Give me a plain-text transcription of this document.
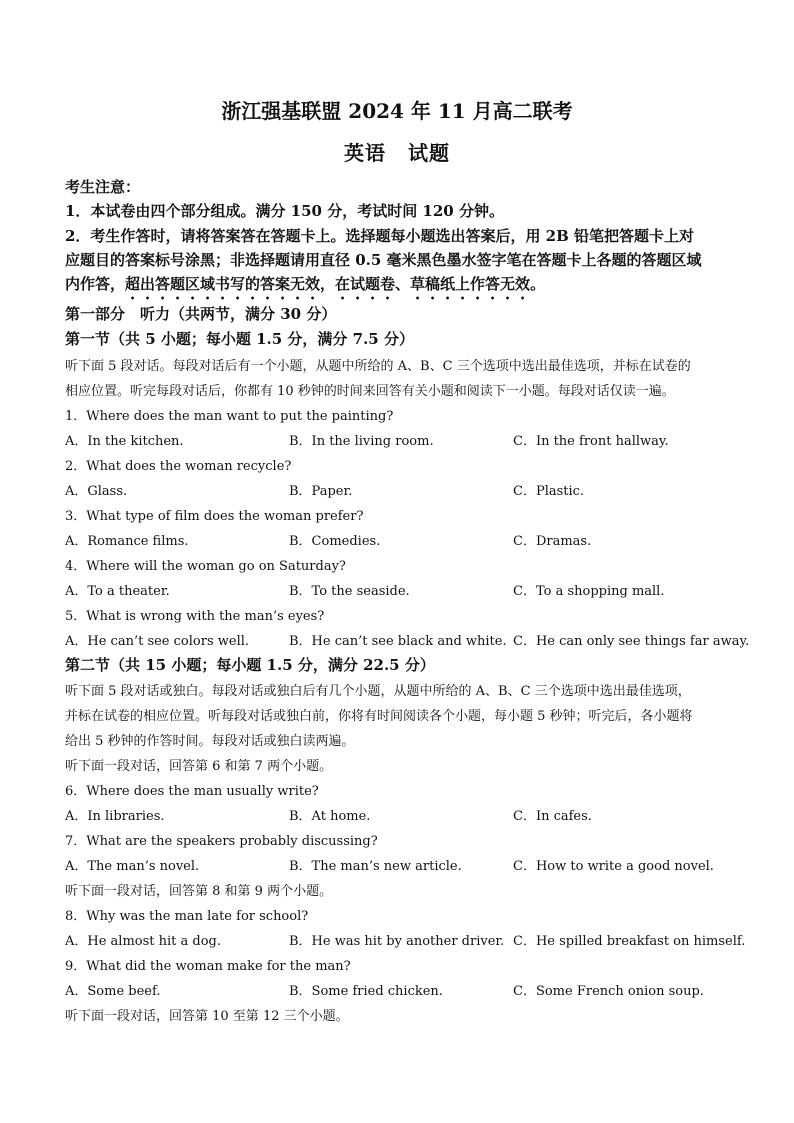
浙江强基联盟 2024 年 11 月高二联考
英语 试题
考生注意：
1．本试卷由四个部分组成。满分 150 分，考试时间 120 分钟。
2．考生作答时，请将答案答在答题卡上。选择题每小题选出答案后，用 2B 铅笔把答题卡上对
应题目的答案标号涂黑；非选择题请用直径 0.5 毫米黑色墨水签字笔在答题卡上各题的答题区域
内作答，超出答题区域书写的答案无效，在试题卷、草稿纸上作答无效。
第一部分　听力（共两节，满分 30 分）
第一节（共 5 小题；每小题 1.5 分，满分 7.5 分）
听下面 5 段对话。每段对话后有一个小题，从题中所给的 A、B、C 三个选项中选出最佳选项，并标在试卷的
相应位置。听完每段对话后，你都有 10 秒钟的时间来回答有关小题和阅读下一小题。每段对话仅读一遍。
1．Where does the man want to put the painting?
A．In the kitchen.	B．In the living room.	C．In the front hallway.
2．What does the woman recycle?
A．Glass.	B．Paper.	C．Plastic.
3．What type of film does the woman prefer?
A．Romance films.	B．Comedies.	C．Dramas.
4．Where will the woman go on Saturday?
A．To a theater.	B．To the seaside.	C．To a shopping mall.
5．What is wrong with the man’s eyes?
A．He can’t see colors well.	B．He can’t see black and white. C．He can only see things far away.
第二节（共 15 小题；每小题 1.5 分，满分 22.5 分）
听下面 5 段对话或独白。每段对话或独白后有几个小题，从题中所给的 A、B、C 三个选项中选出最佳选项，
并标在试卷的相应位置。听每段对话或独白前，你将有时间阅读各个小题，每小题 5 秒钟；听完后，各小题将
给出 5 秒钟的作答时间。每段对话或独白读两遍。
听下面一段对话，回答第 6 和第 7 两个小题。
6．Where does the man usually write?
A．In libraries.	B．At home.	C．In cafes.
7．What are the speakers probably discussing?
A．The man’s novel.	B．The man’s new article.	C．How to write a good novel.
听下面一段对话，回答第 8 和第 9 两个小题。
8．Why was the man late for school?
A．He almost hit a dog.	B．He was hit by another driver. C．He spilled breakfast on himself.
9．What did the woman make for the man?
A．Some beef.	B．Some fried chicken.	C．Some French onion soup.
听下面一段对话，回答第 10 至第 12 三个小题。
